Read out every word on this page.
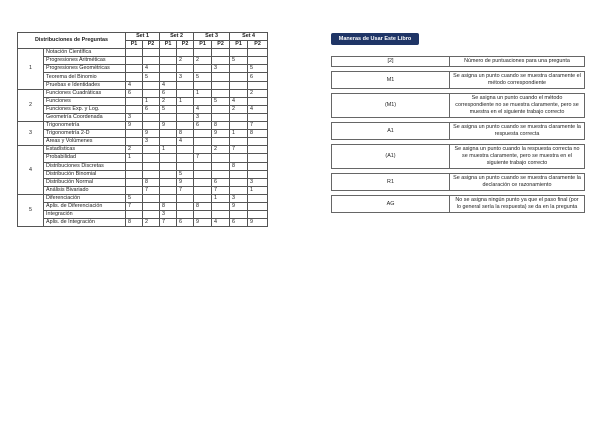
Distribuciones de Preguntas		Set 1		Set 2		Set 3		Set 4	
		P1	P2	P1	P2	P1	P2	P1	P2
1	Notación Científica								
	Progresiones Aritméticas				2	2		5	
	Progresiones Geométricas		4				3		5
	Teorema del Binomio		5		3	5			6
	Pruebas e Identidades	4		4					
2	Funciones Cuadráticas	6		6		1			2
	Funciones		1	2	1		5	4	
	Funciones Exp. y Log.		6	5		4		2	4
	Geometría Coordenada	3				3			
3	Trigonometría	9		9		6	8		7
	Trigonometría 2-D		9		8		9	1	8
	Áreas y Volúmenes		3		4				
4	Estadísticas	2		1			2	7	
	Probabilidad	1				7			
	Distribuciones Discretas							8	
	Distribución Binomial				5				
	Distribución Normal		8		9		6		3
	Análisis Bivariado		7		7		7		1
5	Diferenciación	5					1	3	
	Aplis. de Diferenciación	7		8		8		9	
	Integración			3					
	Aplis. de Integración	8	2	7	6	9	4	6	9
Maneras de Usar Este Libro
[2]	Número de puntuaciones para una pregunta

M1	Se asigna un punto cuando se muestra claramente el método correspondiente

(M1)	Se asigna un punto cuando el método correspondiente no se muestra claramente, pero se muestra en el siguiente trabajo correcto

A1	Se asigna un punto cuando se muestra claramente la respuesta correcta

(A1)	Se asigna un punto cuando la respuesta correcta no se muestra claramente, pero se muestra en el siguiente trabajo correcto

R1	Se asigna un punto cuando se muestra claramente la declaración ce razonamiento

AG	No se asigna ningún punto ya que el paso final (por lo general sería la respuesta) se da en la pregunta
